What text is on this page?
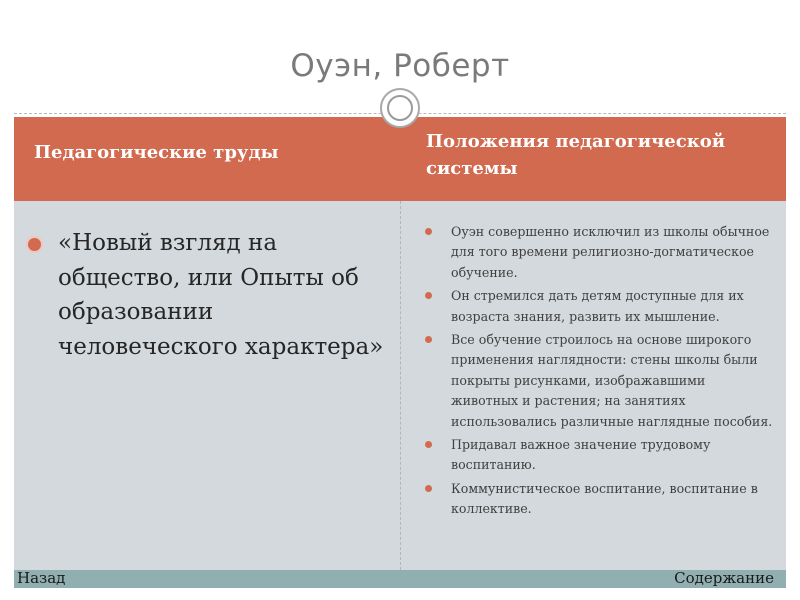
Оуэн, Роберт
Педагогические труды
Положения педагогической системы
«Новый взгляд на общество, или Опыты об образовании человеческого характера»
Оуэн совершенно исключил из школы обычное для того времени религиозно-догматическое обучение.
Он стремился дать детям доступные для их возраста знания, развить их мышление.
Все обучение строилось на основе широкого применения наглядности: стены школы были покрыты рисунками, изображавшими животных и растения; на занятиях использовались различные наглядные пособия.
Придавал важное значение трудовому воспитанию.
Коммунистическое воспитание, воспитание в коллективе.
Назад	Содержание
